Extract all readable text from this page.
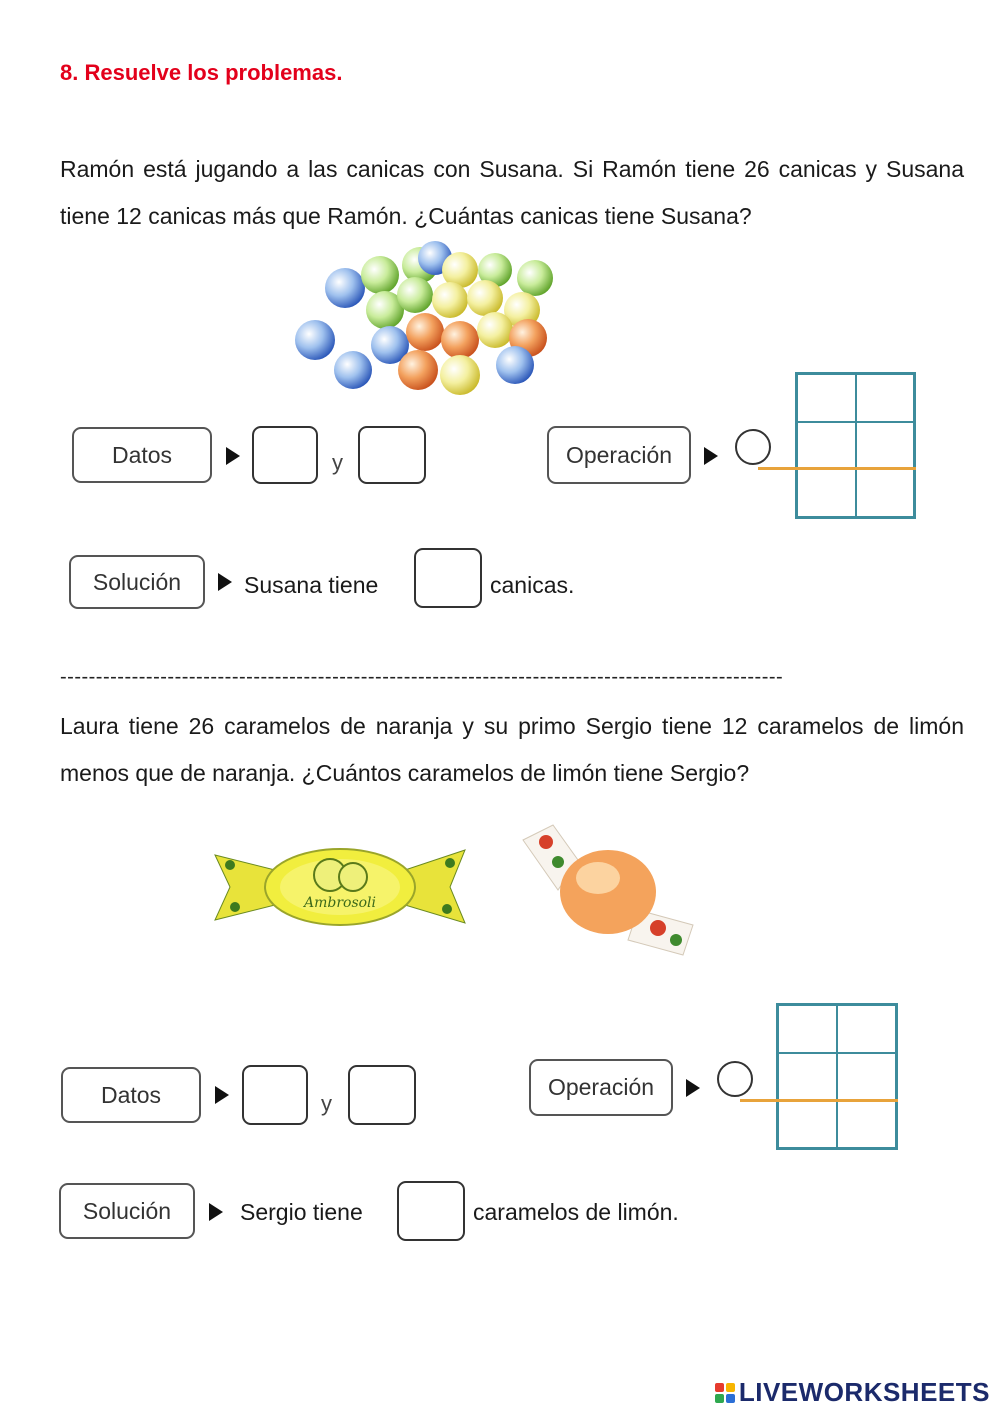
8. Resuelve los problemas.
Ramón está jugando a las canicas con Susana. Si Ramón tiene 26 canicas y Susana tiene 12 canicas más que Ramón. ¿Cuántas canicas tiene Susana?
Datos	y	Operación
Solución	Susana tiene	canicas.
-----------------------------------------------------------------------------------------------------
Laura tiene 26 caramelos de naranja y su primo Sergio tiene 12 caramelos de limón menos que de naranja. ¿Cuántos caramelos de limón tiene Sergio?
Ambrosoli
Datos	y
Operación
Solución	Sergio tiene	caramelos de limón.
LIVEWORKSHEETS
